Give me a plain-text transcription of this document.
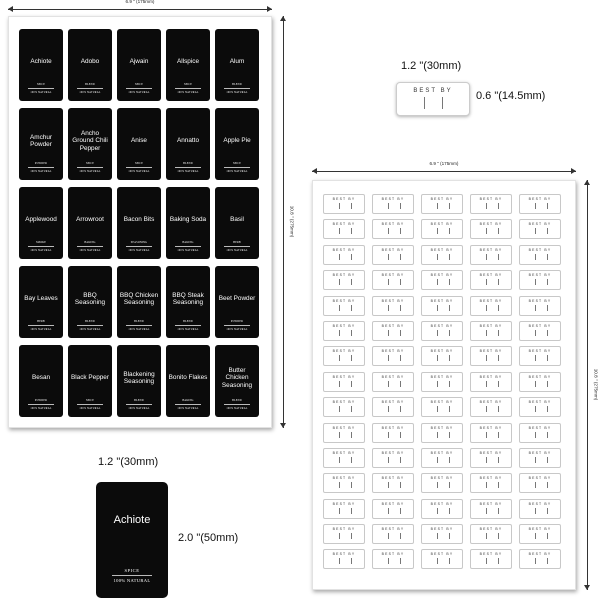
6.9 " (175mm)
Achiote
SPICE
100% NATURAL
Adobo
BLEND
100% NATURAL
Ajwain
SPICE
100% NATURAL
Allspice
SPICE
100% NATURAL
Alum
BLEND
100% NATURAL
Amchur Powder
POWDER
100% NATURAL
Ancho Ground Chili Pepper
SPICE
100% NATURAL
Anise
SPICE
100% NATURAL
Annatto
BLEND
100% NATURAL
Apple Pie
SPICE
100% NATURAL
Applewood
SMOKE
100% NATURAL
Arrowroot
BAKING
100% NATURAL
Bacon Bits
SEASONING
100% NATURAL
Baking Soda
BAKING
100% NATURAL
Basil
HERB
100% NATURAL
Bay Leaves
HERB
100% NATURAL
BBQ Seasoning
BLEND
100% NATURAL
BBQ Chicken Seasoning
BLEND
100% NATURAL
BBQ Steak Seasoning
BLEND
100% NATURAL
Beet Powder
POWDER
100% NATURAL
Besan
POWDER
100% NATURAL
Black Pepper
SPICE
100% NATURAL
Blackening Seasoning
BLEND
100% NATURAL
Bonito Flakes
BAKING
100% NATURAL
Butter Chicken Seasoning
BLEND
100% NATURAL
10.8 " (275mm)
1.2 "(30mm)
BEST BY	0.6 "(14.5mm)
6.9 " (175mm)
BEST BY	BEST BY	BEST BY	BEST BY	BEST BY
BEST BY	BEST BY	BEST BY	BEST BY	BEST BY
BEST BY	BEST BY	BEST BY	BEST BY	BEST BY
BEST BY	BEST BY	BEST BY	BEST BY	BEST BY
BEST BY	BEST BY	BEST BY	BEST BY	BEST BY
BEST BY	BEST BY	BEST BY	BEST BY	BEST BY
BEST BY	BEST BY	BEST BY	BEST BY	BEST BY
BEST BY	BEST BY	BEST BY	BEST BY	BEST BY
BEST BY	BEST BY	BEST BY	BEST BY	BEST BY
BEST BY	BEST BY	BEST BY	BEST BY	BEST BY
BEST BY	BEST BY	BEST BY	BEST BY	BEST BY
BEST BY	BEST BY	BEST BY	BEST BY	BEST BY
BEST BY	BEST BY	BEST BY	BEST BY	BEST BY
BEST BY	BEST BY	BEST BY	BEST BY	BEST BY
BEST BY	BEST BY	BEST BY	BEST BY	BEST BY
10.8 " (275mm)
1.2 "(30mm)
Achiote
SPICE
100% NATURAL
2.0 "(50mm)
